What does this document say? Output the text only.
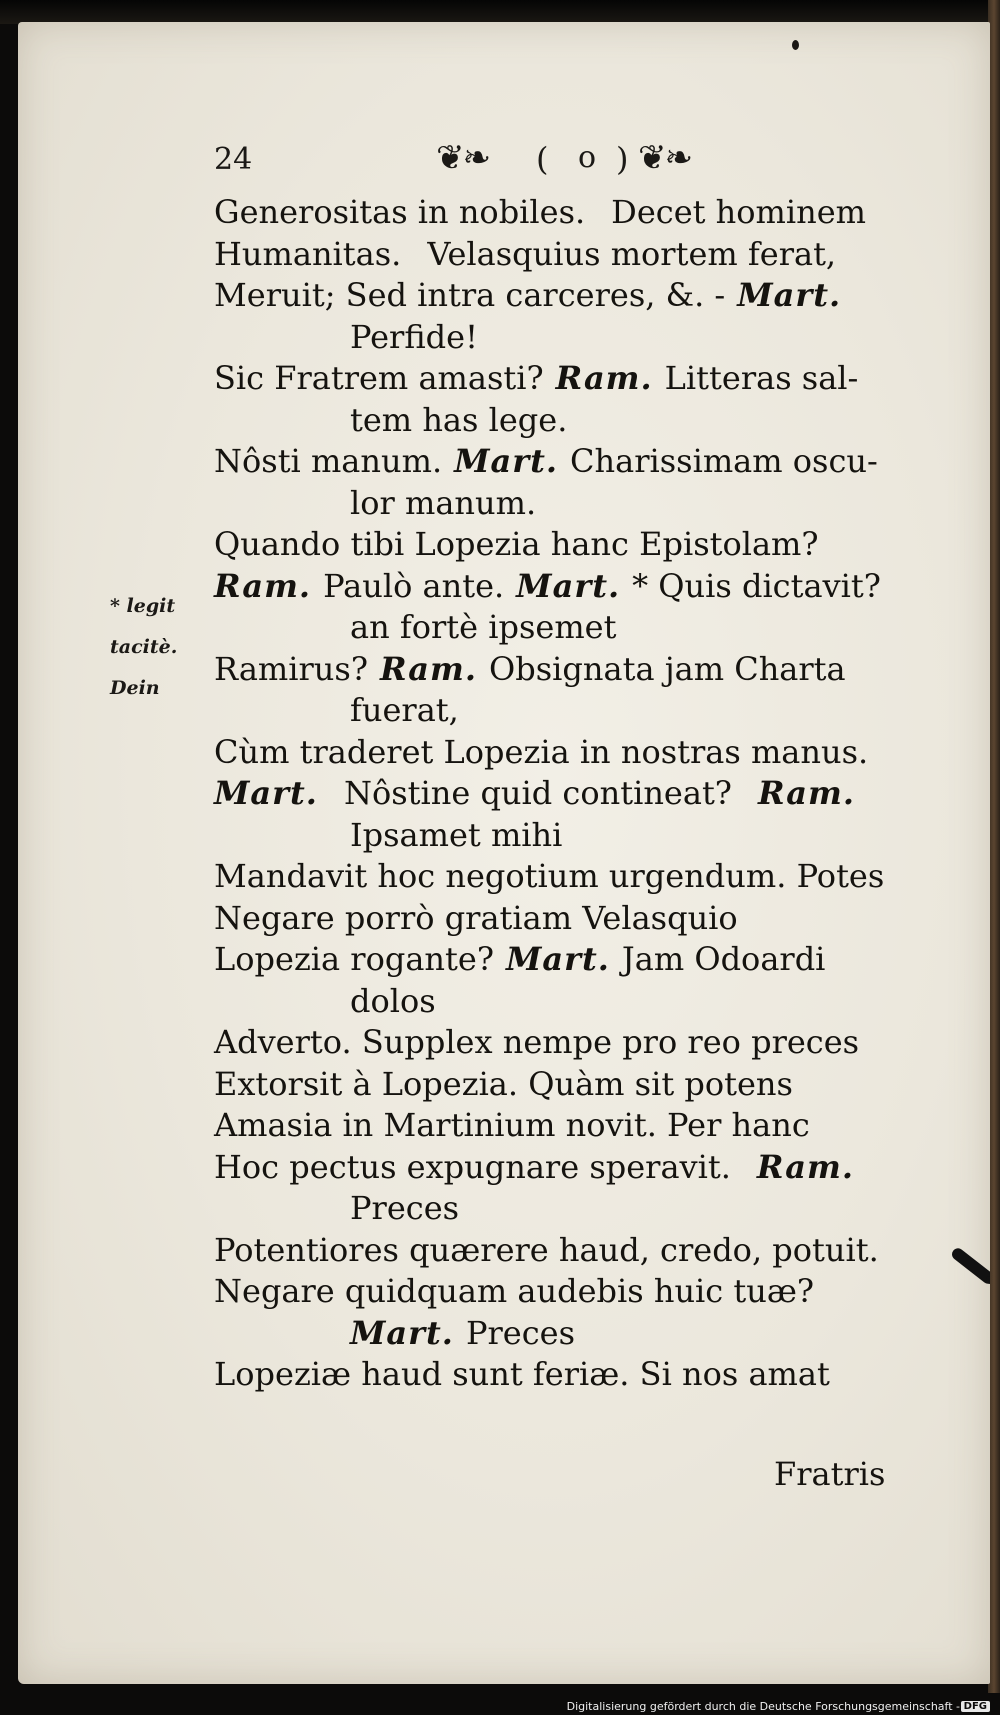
24	❦❧ ( o ) ❦❧
* legit
tacitè.
Dein
Generositas in nobiles. Decet hominem
Humanitas. Velasquius mortem ferat,
Meruit; Sed intra carceres, &. - Mart.
Perfide!
Sic Fratrem amasti? Ram. Litteras sal-
tem has lege.
Nôsti manum. Mart. Charissimam oscu-
lor manum.
Quando tibi Lopezia hanc Epistolam?
Ram. Paulò ante. Mart. * Quis dictavit?
an fortè ipsemet
Ramirus? Ram. Obsignata jam Charta
fuerat,
Cùm traderet Lopezia in nostras manus.
Mart. Nôstine quid contineat? Ram.
Ipsamet mihi
Mandavit hoc negotium urgendum. Potes
Negare porrò gratiam Velasquio
Lopezia rogante? Mart. Jam Odoardi
dolos
Adverto. Supplex nempe pro reo preces
Extorsit à Lopezia. Quàm sit potens
Amasia in Martinium novit. Per hanc
Hoc pectus expugnare speravit. Ram.
Preces
Potentiores quærere haud, credo, potuit.
Negare quidquam audebis huic tuæ?
Mart. Preces
Lopeziæ haud sunt feriæ. Si nos amat
Fratris
Digitalisierung gefördert durch die Deutsche Forschungsgemeinschaft - DFG
